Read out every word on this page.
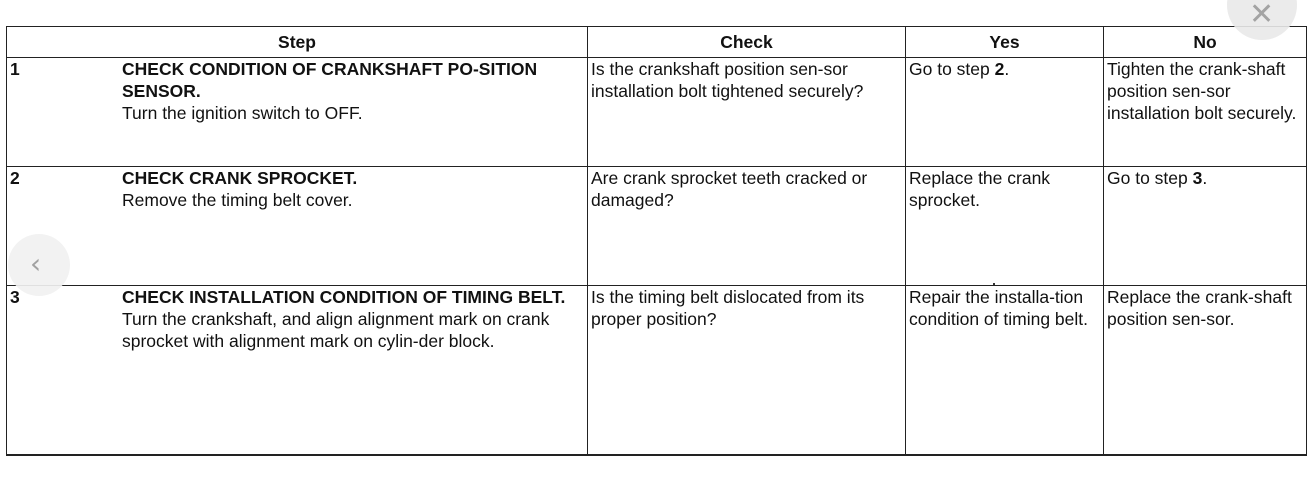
Step	Check	Yes	No

1 CHECK CONDITION OF CRANKSHAFT PO-SITION SENSOR.
Turn the ignition switch to OFF.	Is the crankshaft position sen-sor installation bolt tightened securely?	Go to step 2.	Tighten the crank-shaft position sen-sor installation bolt securely.

2 CHECK CRANK SPROCKET.
Remove the timing belt cover.	Are crank sprocket teeth cracked or damaged?	Replace the crank sprocket.	Go to step 3.

3 CHECK INSTALLATION CONDITION OF TIMING BELT.
Turn the crankshaft, and align alignment mark on crank sprocket with alignment mark on cylin-der block.	Is the timing belt dislocated from its proper position?	Repair the installa-tion condition of timing belt.	Replace the crank-shaft position sen-sor.
✕
‹
